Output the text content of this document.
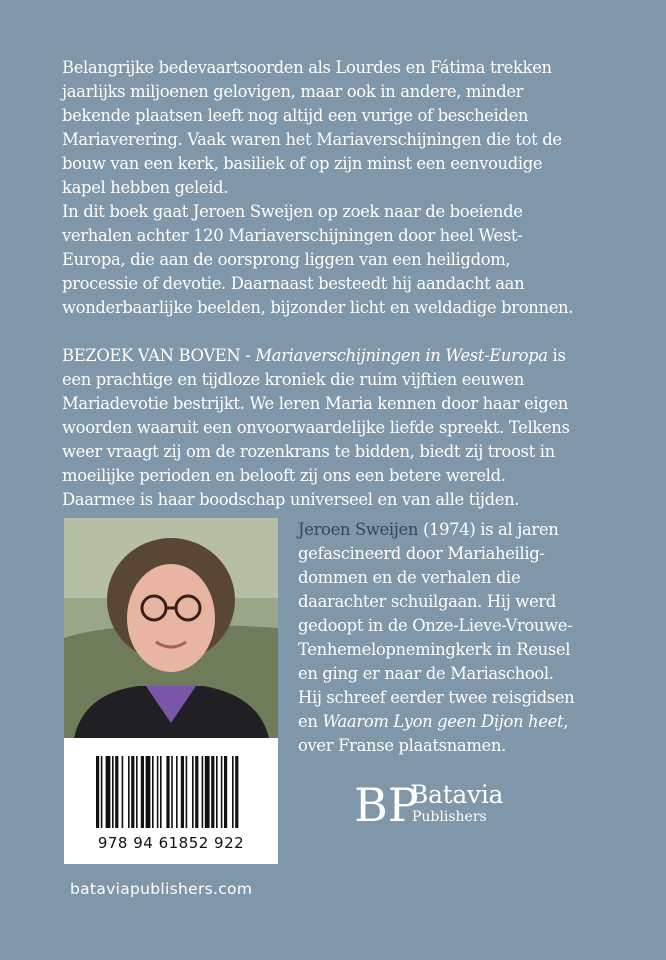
Belangrijke bedevaartsoorden als Lourdes en Fátima trekken jaarlijks miljoenen gelovigen, maar ook in andere, minder bekende plaatsen leeft nog altijd een vurige of bescheiden Mariaverering. Vaak waren het Mariaverschijningen die tot de bouw van een kerk, basiliek of op zijn minst een eenvoudige kapel hebben geleid.

In dit boek gaat Jeroen Sweijen op zoek naar de boeiende verhalen achter 120 Mariaverschijningen door heel West-Europa, die aan de oorsprong liggen van een heiligdom, processie of devotie. Daarnaast besteedt hij aandacht aan wonderbaarlijke beelden, bijzonder licht en weldadige bronnen.

BEZOEK VAN BOVEN - Mariaverschijningen in West-Europa is een prachtige en tijdloze kroniek die ruim vijftien eeuwen Mariadevotie bestrijkt. We leren Maria kennen door haar eigen woorden waaruit een onvoorwaardelijke liefde spreekt. Telkens weer vraagt zij om de rozenkrans te bidden, biedt zij troost in moeilijke perioden en belooft zij ons een betere wereld. Daarmee is haar boodschap universeel en van alle tijden.

978 94 61852 922
bataviapublishers.com
Jeroen Sweijen (1974) is al jaren gefascineerd door Mariaheilig-dommen en de verhalen die daarachter schuilgaan. Hij werd gedoopt in de Onze-Lieve-Vrouwe-Tenhemelopnemingkerk in Reusel en ging er naar de Mariaschool. Hij schreef eerder twee reisgidsen en Waarom Lyon geen Dijon heet, over Franse plaatsnamen.
BP
Batavia
Publishers
